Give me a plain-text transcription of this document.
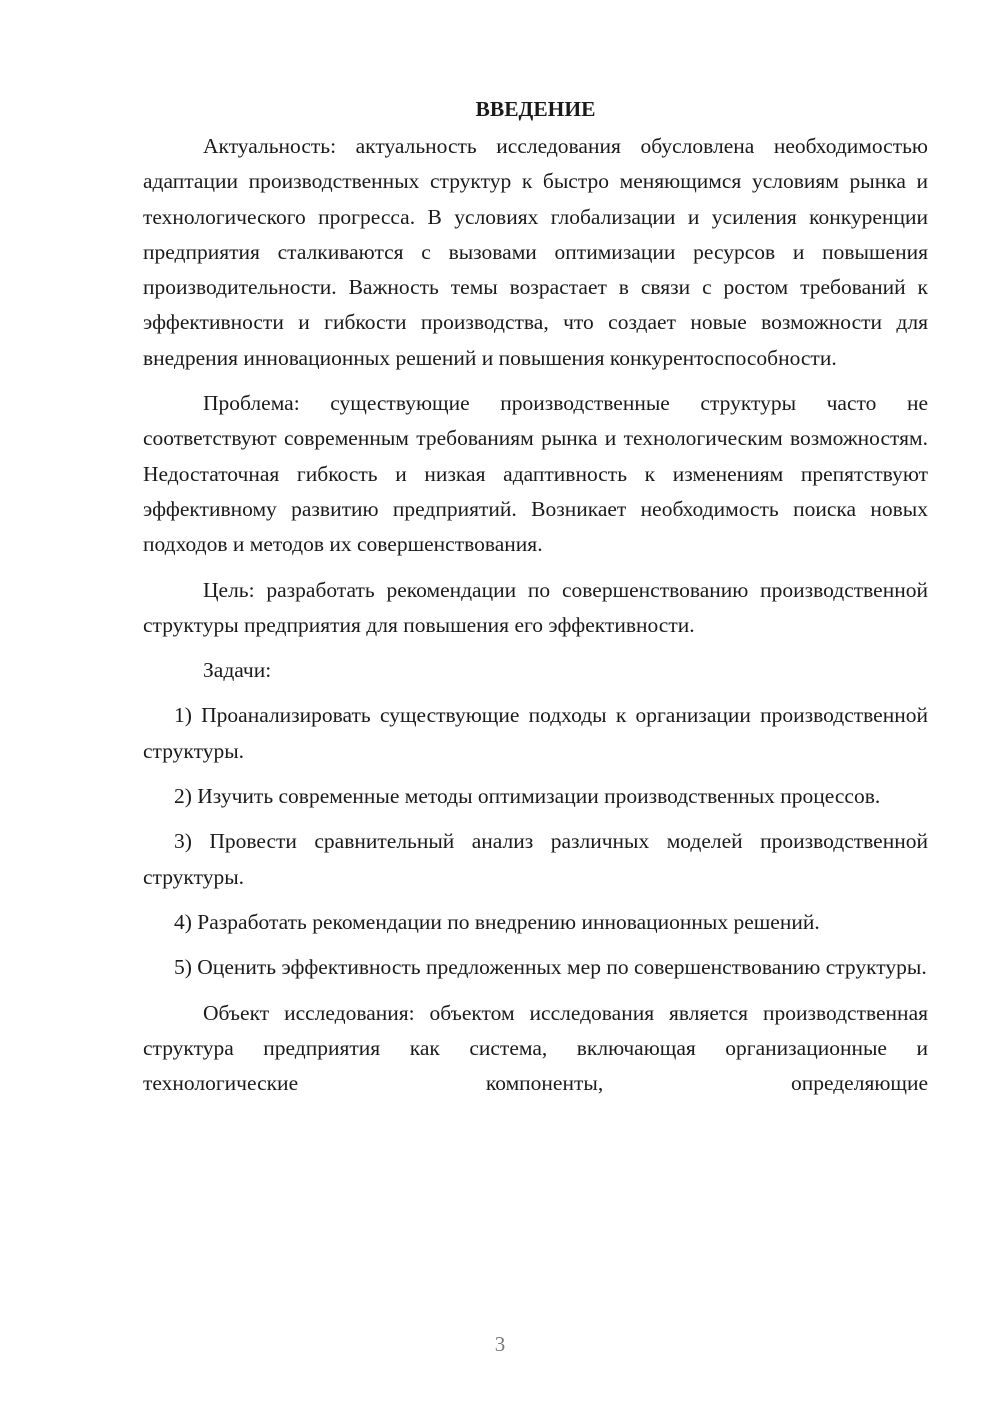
ВВЕДЕНИЕ

Актуальность: актуальность исследования обусловлена необходимостью адаптации производственных структур к быстро меняющимся условиям рынка и технологического прогресса. В условиях глобализации и усиления конкуренции предприятия сталкиваются с вызовами оптимизации ресурсов и повышения производительности. Важность темы возрастает в связи с ростом требований к эффективности и гибкости производства, что создает новые возможности для внедрения инновационных решений и повышения конкурентоспособности.

Проблема: существующие производственные структуры часто не соответствуют современным требованиям рынка и технологическим возможностям. Недостаточная гибкость и низкая адаптивность к изменениям препятствуют эффективному развитию предприятий. Возникает необходимость поиска новых подходов и методов их совершенствования.

Цель: разработать рекомендации по совершенствованию производственной структуры предприятия для повышения его эффективности.

Задачи:

1) Проанализировать существующие подходы к организации производственной структуры.

2) Изучить современные методы оптимизации производственных процессов.

3) Провести сравнительный анализ различных моделей производственной структуры.

4) Разработать рекомендации по внедрению инновационных решений.

5) Оценить эффективность предложенных мер по совершенствованию структуры.

Объект исследования: объектом исследования является производственная структура предприятия как система, включающая организационные и технологические компоненты, определяющие

3
